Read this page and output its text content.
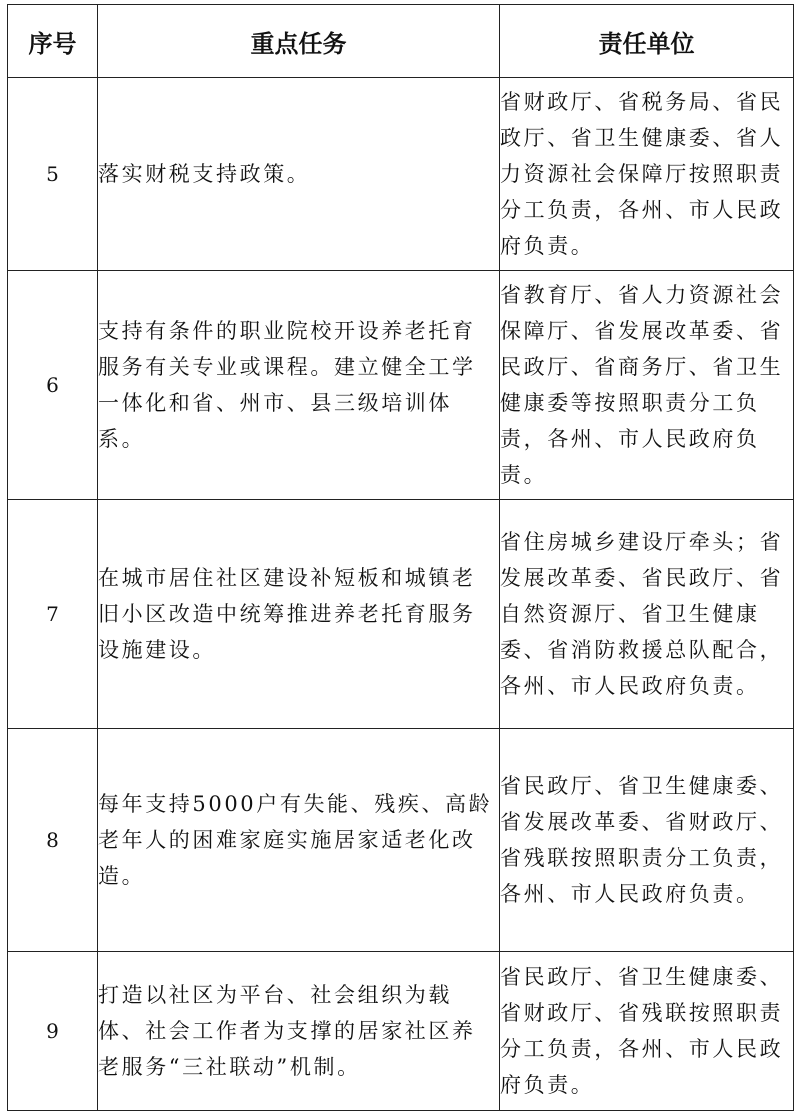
序号	重点任务	责任单位
5	落实财税支持政策。	省财政厅、省税务局、省民政厅、省卫生健康委、省人力资源社会保障厅按照职责分工负责，各州、市人民政府负责。
6	支持有条件的职业院校开设养老托育服务有关专业或课程。建立健全工学一体化和省、州市、县三级培训体系。	省教育厅、省人力资源社会保障厅、省发展改革委、省民政厅、省商务厅、省卫生健康委等按照职责分工负责，各州、市人民政府负责。
7	在城市居住社区建设补短板和城镇老旧小区改造中统筹推进养老托育服务设施建设。	省住房城乡建设厅牵头；省发展改革委、省民政厅、省自然资源厅、省卫生健康委、省消防救援总队配合，各州、市人民政府负责。
8	每年支持5000户有失能、残疾、高龄老年人的困难家庭实施居家适老化改造。	省民政厅、省卫生健康委、省发展改革委、省财政厅、省残联按照职责分工负责，各州、市人民政府负责。
9	打造以社区为平台、社会组织为载体、社会工作者为支撑的居家社区养老服务“三社联动”机制。	省民政厅、省卫生健康委、省财政厅、省残联按照职责分工负责，各州、市人民政府负责。
